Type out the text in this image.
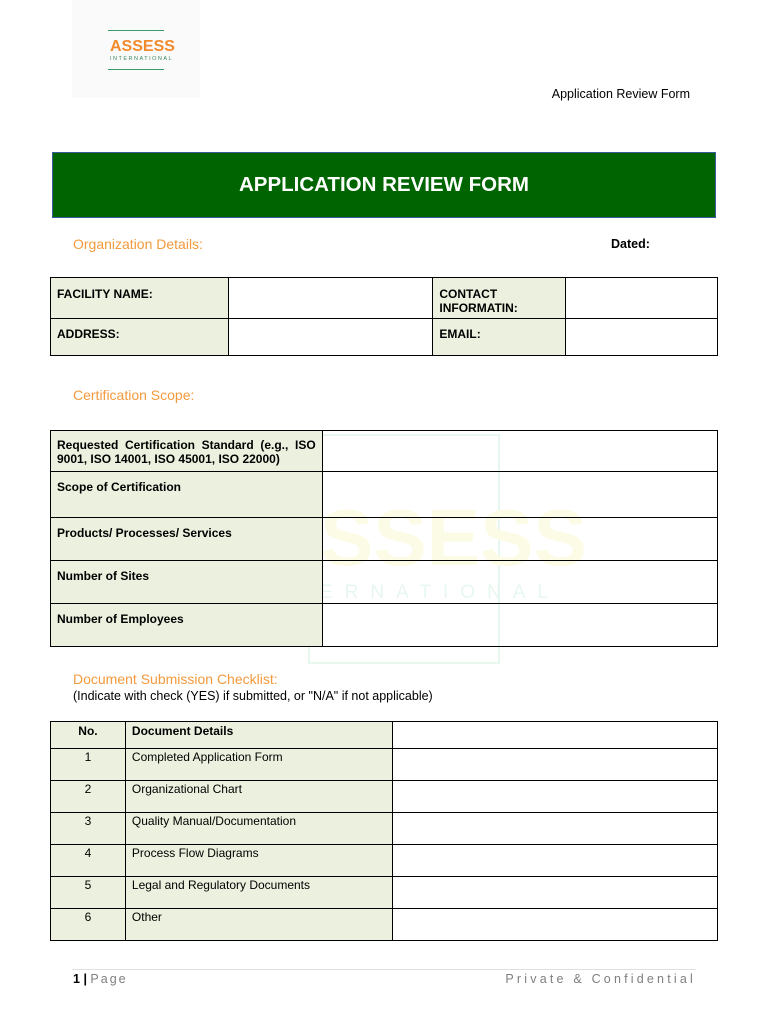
ASSESS
INTERNATIONAL
Application Review Form
APPLICATION REVIEW FORM
SSESS
ERNATIONAL
Organization Details:	Dated:
FACILITY NAME:		CONTACT INFORMATIN:	
ADDRESS:		EMAIL:	
Certification Scope:
Requested Certification Standard (e.g., ISO 9001, ISO 14001, ISO 45001, ISO 22000)	
Scope of Certification	
Products/ Processes/ Services	
Number of Sites	
Number of Employees	
Document Submission Checklist:
(Indicate with check (YES) if submitted, or "N/A" if not applicable)
No.	Document Details	
1	Completed Application Form	
2	Organizational Chart	
3	Quality Manual/Documentation	
4	Process Flow Diagrams	
5	Legal and Regulatory Documents	
6	Other	
1 | Page	Private & Confidential
